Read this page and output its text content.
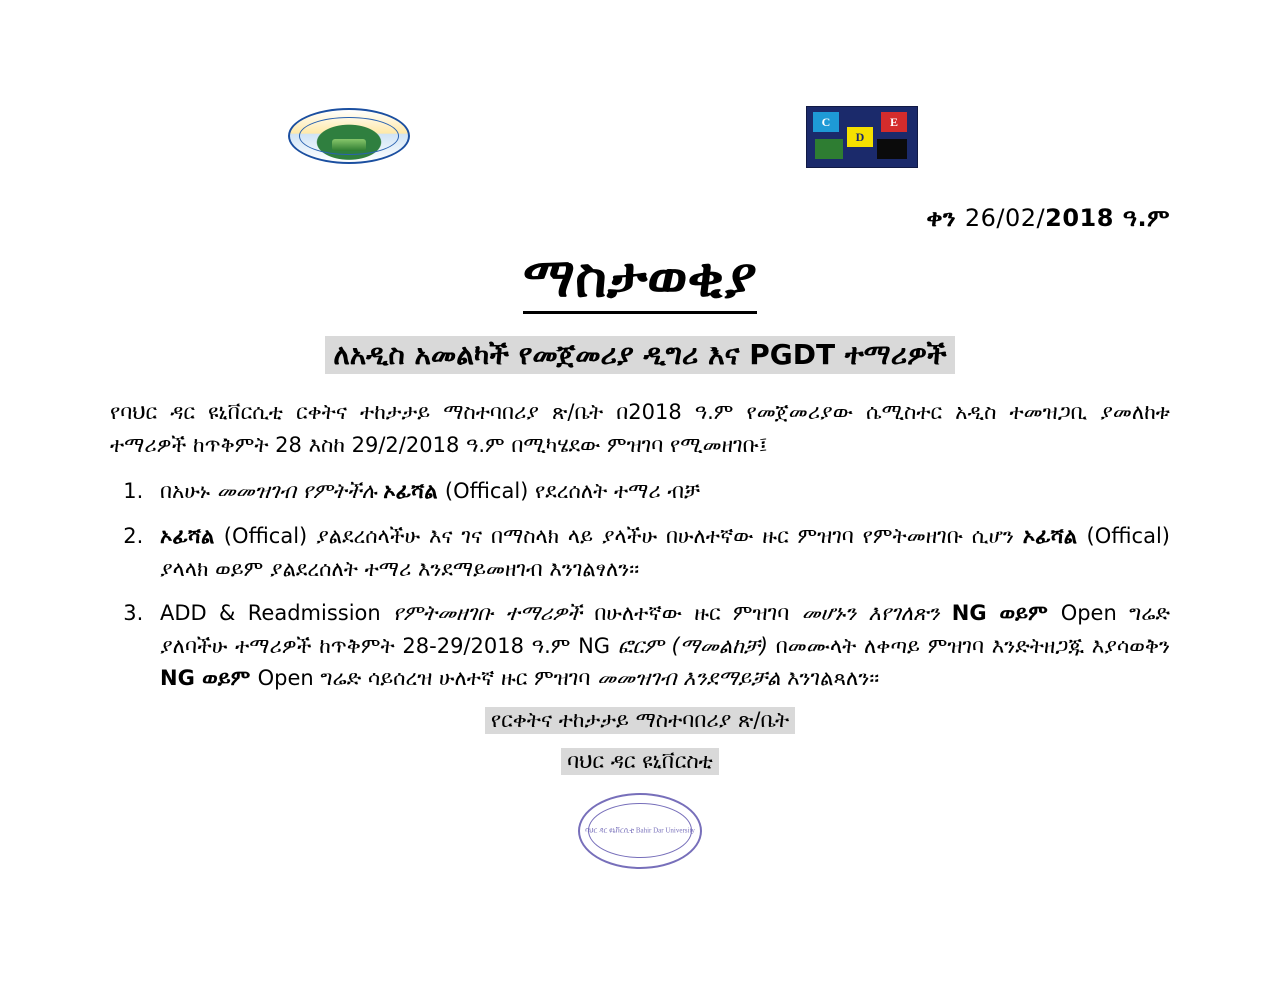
C	E
D
ቀን 26/02/2018 ዓ.ም
ማስታወቂያ
ለአዲስ አመልካች የመጀመሪያ ዲግሪ እና PGDT ተማሪዎች
የባህር ዳር ዩኒቨርሲቲ ርቀትና ተከታታይ ማስተባበሪያ ጽ/ቤት በ2018 ዓ.ም የመጀመሪያው ሴሚስተር አዲስ ተመዝጋቢ ያመለከቱ ተማሪዎች ከጥቅምት 28 እስከ 29/2/2018 ዓ.ም በሚካሄደው ምዝገባ የሚመዘገቡ፤
1. በአሁኑ መመዝገብ የምትችሉ ኦፊሻል (Offical) የደረሰለት ተማሪ ብቻ
2. ኦፊሻል (Offical) ያልደረሰላችሁ እና ገና በማስላክ ላይ ያላችሁ በሁለተኛው ዙር ምዝገባ የምትመዘገቡ ሲሆን ኦፊሻል (Offical) ያላላክ ወይም ያልደረሰለት ተማሪ እንደማይመዘገብ እንገልፃለን፡፡
3. ADD & Readmission የምትመዘገቡ ተማሪዎች በሁለተኛው ዙር ምዝገባ መሆኑን እየገለጽን NG ወይም Open ግሬድ ያለባችሁ ተማሪዎች ከጥቅምት 28-29/2018 ዓ.ም NG ፎርም (ማመልከቻ) በመሙላት ለቀጣይ ምዝገባ እንድትዘጋጁ እያሳወቅን NG ወይም Open ግሬድ ሳይሰረዝ ሁለተኛ ዙር ምዝገባ መመዝገብ እንደማይቻል እንገልጻለን፡፡
የርቀትና ተከታታይ ማስተባበሪያ ጽ/ቤት
ባህር ዳር ዩኒቨርስቲ
ባህር ዳር ዩኒቨርሲቲ Bahir Dar University
